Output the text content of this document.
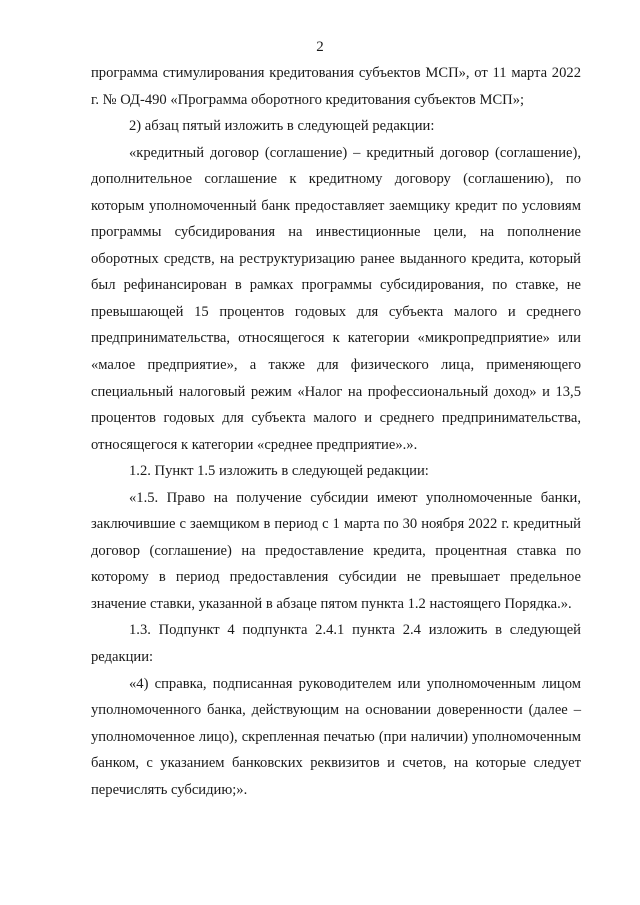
2

программа стимулирования кредитования субъектов МСП», от 11 марта 2022 г. № ОД-490 «Программа оборотного кредитования субъектов МСП»;

2) абзац пятый изложить в следующей редакции:

«кредитный договор (соглашение) – кредитный договор (соглашение), дополнительное соглашение к кредитному договору (соглашению), по которым уполномоченный банк предоставляет заемщику кредит по условиям программы субсидирования на инвестиционные цели, на пополнение оборотных средств, на реструктуризацию ранее выданного кредита, который был рефинансирован в рамках программы субсидирования, по ставке, не превышающей 15 процентов годовых для субъекта малого и среднего предпринимательства, относящегося к категории «микропредприятие» или «малое предприятие», а также для физического лица, применяющего специальный налоговый режим «Налог на профессиональный доход» и 13,5 процентов годовых для субъекта малого и среднего предпринимательства, относящегося к категории «среднее предприятие».».

1.2. Пункт 1.5 изложить в следующей редакции:

«1.5. Право на получение субсидии имеют уполномоченные банки, заключившие с заемщиком в период с 1 марта по 30 ноября 2022 г. кредитный договор (соглашение) на предоставление кредита, процентная ставка по которому в период предоставления субсидии не превышает предельное значение ставки, указанной в абзаце пятом пункта 1.2 настоящего Порядка.».

1.3. Подпункт 4 подпункта 2.4.1 пункта 2.4 изложить в следующей редакции:

«4) справка, подписанная руководителем или уполномоченным лицом уполномоченного банка, действующим на основании доверенности (далее – уполномоченное лицо), скрепленная печатью (при наличии) уполномоченным банком, с указанием банковских реквизитов и счетов, на которые следует перечислять субсидию;».
